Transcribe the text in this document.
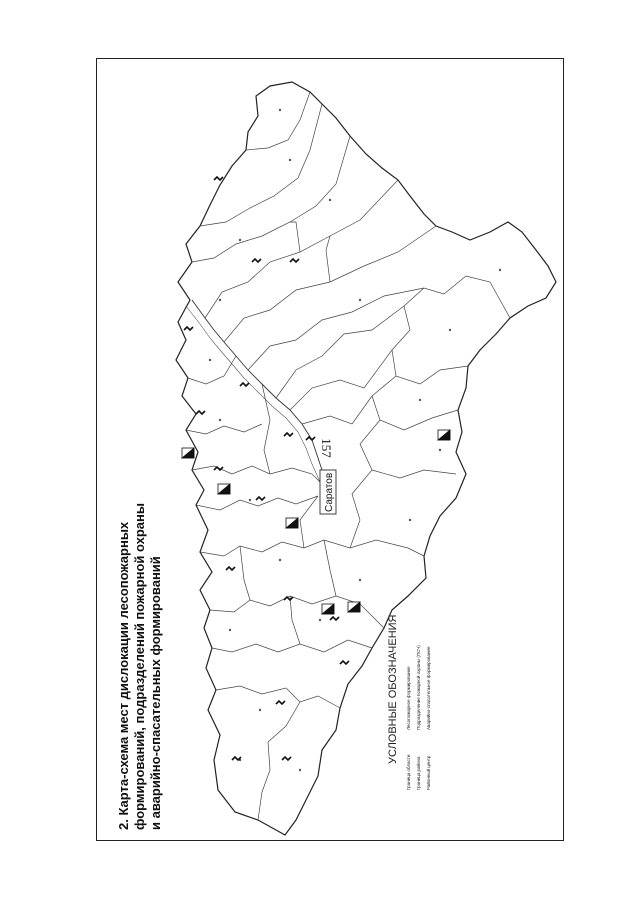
157
2. Карта-схема мест дислокации лесопожарных формирований, подразделений пожарной охраны и аварийно-спасательных формирований
Саратов
УСЛОВНЫЕ ОБОЗНАЧЕНИЯ
Граница области Граница района Районный центр
Лесопожарное формирование Подразделение пожарной охраны (ПСЧ) Аварийно-спасательное формирование
